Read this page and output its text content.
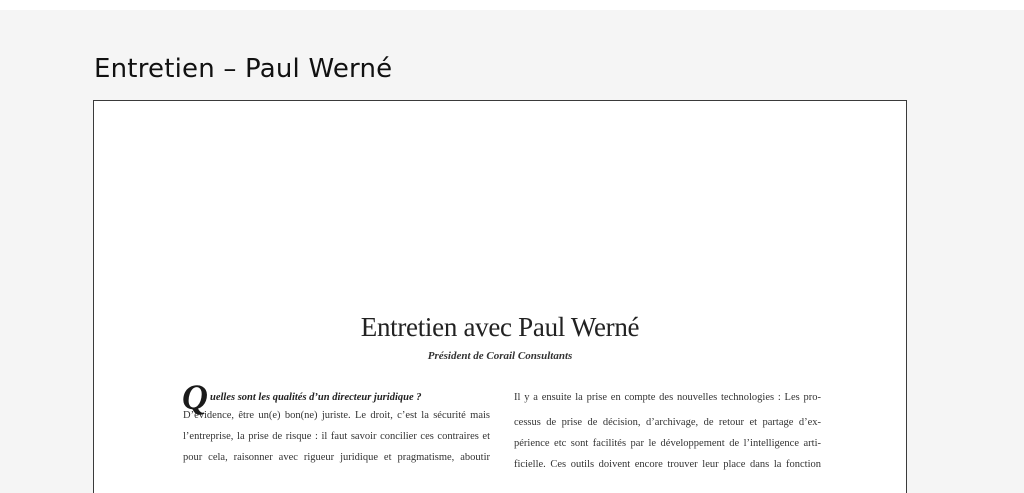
Entretien – Paul Werné
Entretien avec Paul Werné
Président de Corail Consultants
Q uelles sont les qualités d’un directeur juridique ?
D’évidence, être un(e) bon(ne) juriste. Le droit, c’est la sécurité mais
l’entreprise, la prise de risque : il faut savoir concilier ces contraires et
pour cela, raisonner avec rigueur juridique et pragmatisme, aboutir
Il y a ensuite la prise en compte des nouvelles technologies : Les pro-
cessus de prise de décision, d’archivage, de retour et partage d’ex-
périence etc sont facilités par le développement de l’intelligence arti-
ficielle. Ces outils doivent encore trouver leur place dans la fonction
